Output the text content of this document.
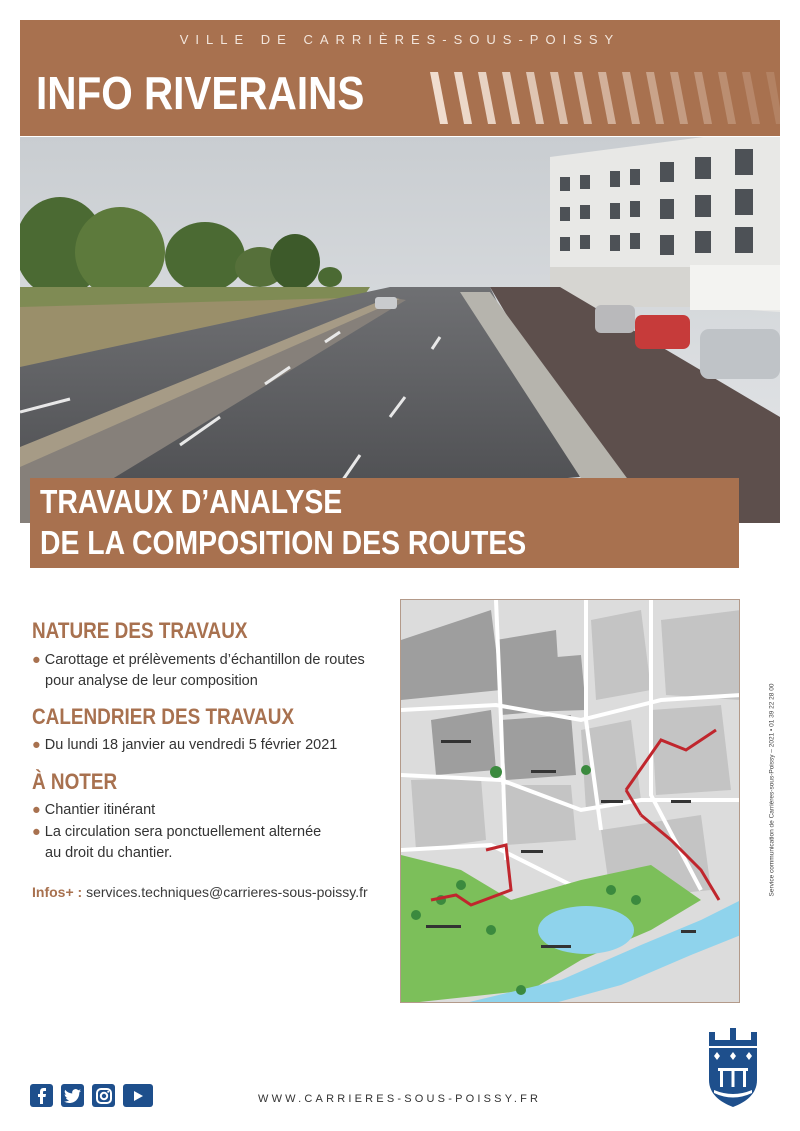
VILLE DE CARRIÈRES-SOUS-POISSY
INFO RIVERAINS
TRAVAUX D’ANALYSE
DE LA COMPOSITION DES ROUTES
NATURE DES TRAVAUX
● Carottage et prélèvements d’échantillon de routes
pour analyse de leur composition
CALENDRIER DES TRAVAUX
● Du lundi 18 janvier au vendredi 5 février 2021
À NOTER
● Chantier itinérant
● La circulation sera ponctuellement alternée
au droit du chantier.
Infos+ : services.techniques@carrieres-sous-poissy.fr	Service communication de Carrières-sous-Poissy – 2021 • 01 39 22 28 00
WWW.CARRIERES-SOUS-POISSY.FR
